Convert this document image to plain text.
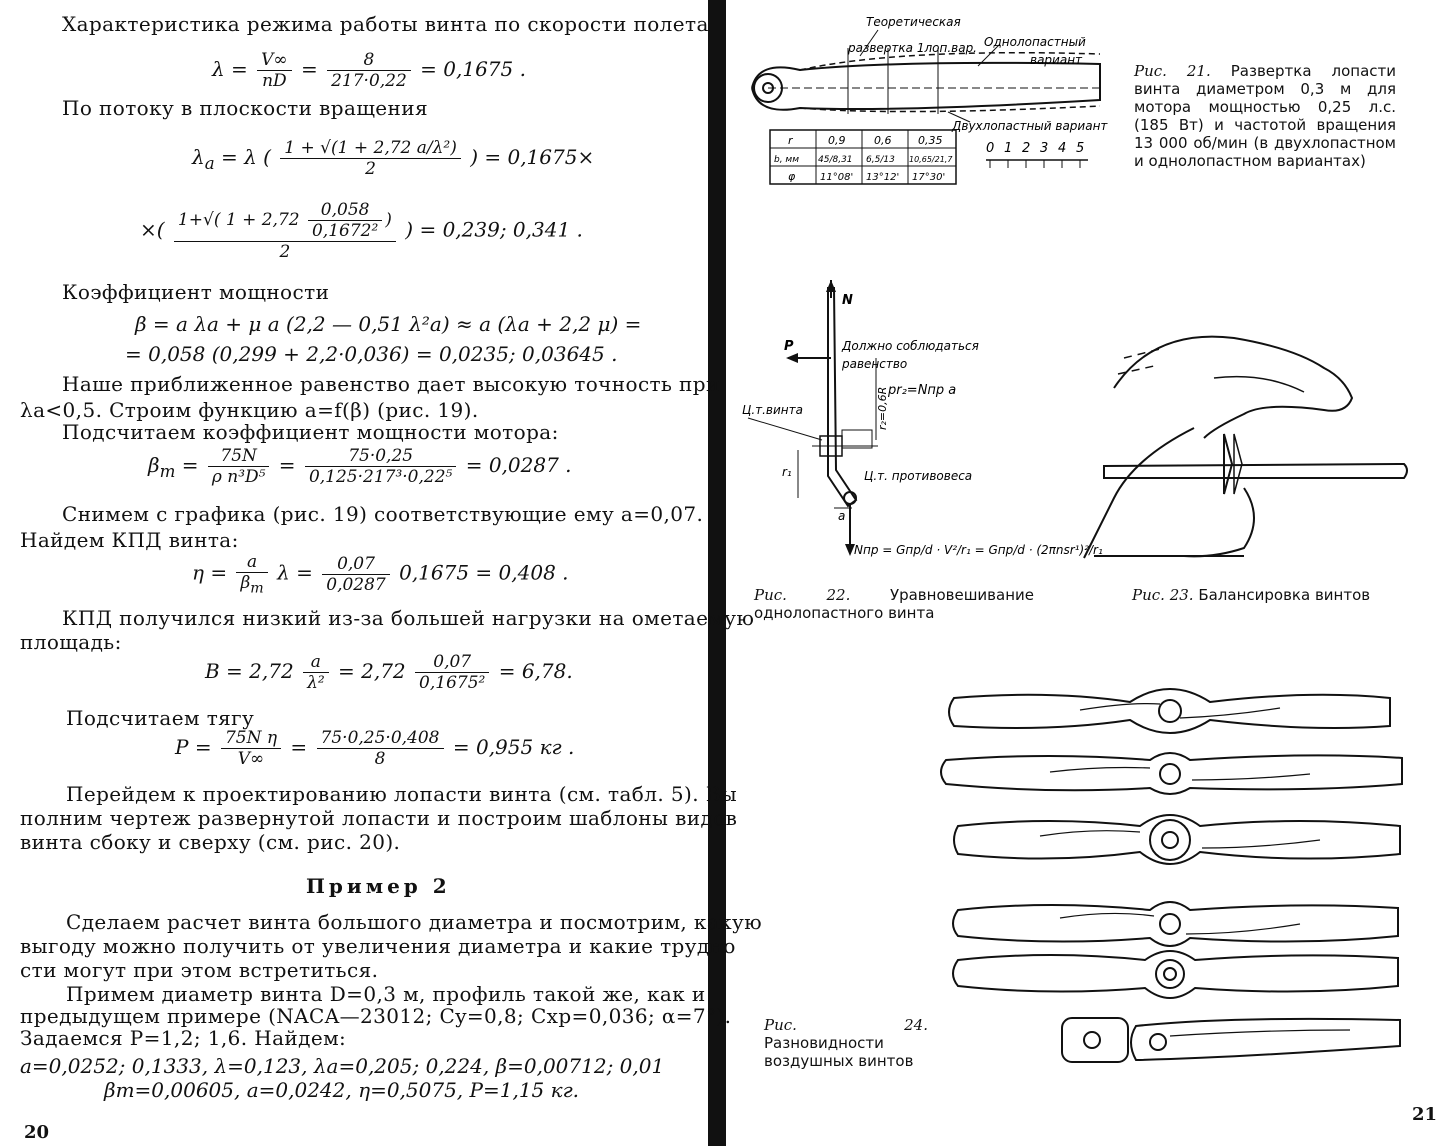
Характеристика режима работы винта по скорости полета
$\lambda = \frac{V\infty}{nD} = \frac{8}{217\cdot 0,22} = 0,1675$ .
По потоку в плоскости вращения
$\lambda_a = \lambda$ ( $\frac{\text{1 + √(1 + 2,72 a/λ²)}}{2}$ ) = 0,1675×
×( $\frac{1+√( 1 + 2,72 \frac{0,058}{\text{0,1672²}} )}{2}$ ) = 0,239; 0,341 .
Коэффициент мощности
β = a λa + μ a (2,2 — 0,51 λ²a) ≈ a (λa + 2,2 μ) =
= 0,058 (0,299 + 2,2·0,036) = 0,0235; 0,03645 .
Наше приближенное равенство дает высокую точность при
λa<0,5. Строим функцию a=f(β) (рис. 19).
Подсчитаем коэффициент мощности мотора:
$\beta_m = \frac{75N}{\text{ρ n³D⁵}} = \frac{75\cdot 0,25}{\text{0,125·217³·0,22⁵}} = 0,0287$ .
Снимем с графика (рис. 19) соответствующие ему a=0,07.
Найдем КПД винта:
$\eta = \frac{a}{\beta_m}$ $\lambda = \frac{0,07}{0,0287} 0,1675 = 0,408$ .
КПД получился низкий из-за большей нагрузки на ометаемую
площадь:
$B = 2,72 \frac{a}{\text{λ²}} = 2,72 \frac{0,07}{\text{0,1675²}} = 6,78$.
Подсчитаем тягу
$P = \frac{\text{75N η}}{V\infty} = \frac{75\cdot 0,25\cdot 0,408}{8} = 0,955$ кг .
Перейдем к проектированию лопасти винта (см. табл. 5). Вы
полним чертеж развернутой лопасти и построим шаблоны видов
винта сбоку и сверху (см. рис. 20).
Пример 2
Сделаем расчет винта большого диаметра и посмотрим, какую
выгоду можно получить от увеличения диаметра и какие трудно
сти могут при этом встретиться.
Примем диаметр винта D=0,3 м, профиль такой же, как и
предыдущем примере (NACA—23012; Cy=0,8; Cxp=0,036; α=7°).
Задаемся P=1,2; 1,6. Найдем:
a=0,0252; 0,1333, λ=0,123, λa=0,205; 0,224, β=0,00712; 0,01
βm=0,00605, a=0,0242, η=0,5075, P=1,15 кг.
20
Теоретическая
развертка 1лоп.вар. Однолопастный
вариант
Двухлопастный вариант
0 1 2 3 4 5
r	0,9	0,6 0,35
b, мм 45/8,31 6,5/13 10,65/21,7
φ 11°08' 13°12' 17°30'
Рис. 21. Развертка лопасти винта диаметром 0,3 м для мотора мощностью 0,25 л.с. (185 Вт) и частотой вращения 13 000 об/мин (в двухлопастном и однолопастном вариантах)
N
P	Должно соблюдаться
равенство
pr₂=Nпр a
Ц.т.винта
Ц.т. противовеса
r₁
r₂=0,6R
a
Nпр = Gпр/d · V²/r₁ = Gпр/d · (2πnsr¹)²/r₁
Рис. 22.	Уравновешивание однолопастного винта
Рис. 23. Балансировка винтов
Рис. 24. Разновидности воздушных винтов
21
